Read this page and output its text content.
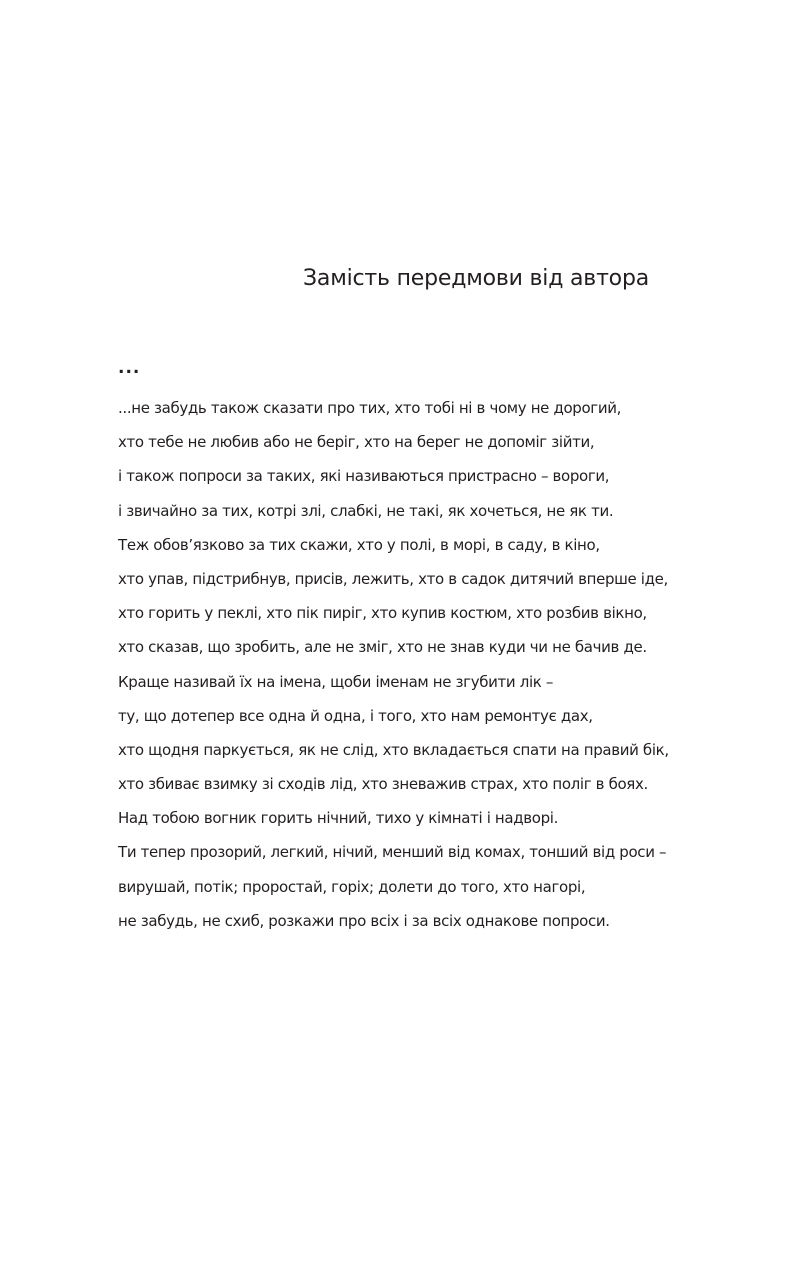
Замість передмови від автора
...
...не забудь також сказати про тих, хто тобі ні в чому не дорогий,
хто тебе не любив або не беріг, хто на берег не допоміг зійти,
і також попроси за таких, які називаються пристрасно – вороги,
і звичайно за тих, котрі злі, слабкі, не такі, як хочеться, не як ти.
Теж обов’язково за тих скажи, хто у полі, в морі, в саду, в кіно,
хто упав, підстрибнув, присів, лежить, хто в садок дитячий вперше іде,
хто горить у пеклі, хто пік пиріг, хто купив костюм, хто розбив вікно,
хто сказав, що зробить, але не зміг, хто не знав куди чи не бачив де.
Краще називай їх на імена, щоби іменам не згубити лік –
ту, що дотепер все одна й одна, і того, хто нам ремонтує дах,
хто щодня паркується, як не слід, хто вкладається спати на правий бік,
хто збиває взимку зі сходів лід, хто зневажив страх, хто поліг в боях.
Над тобою вогник горить нічний, тихо у кімнаті і надворі.
Ти тепер прозорий, легкий, нічий, менший від комах, тонший від роси –
вирушай, потік; проростай, горіх; долети до того, хто нагорі,
не забудь, не схиб, розкажи про всіх і за всіх однакове попроси.
